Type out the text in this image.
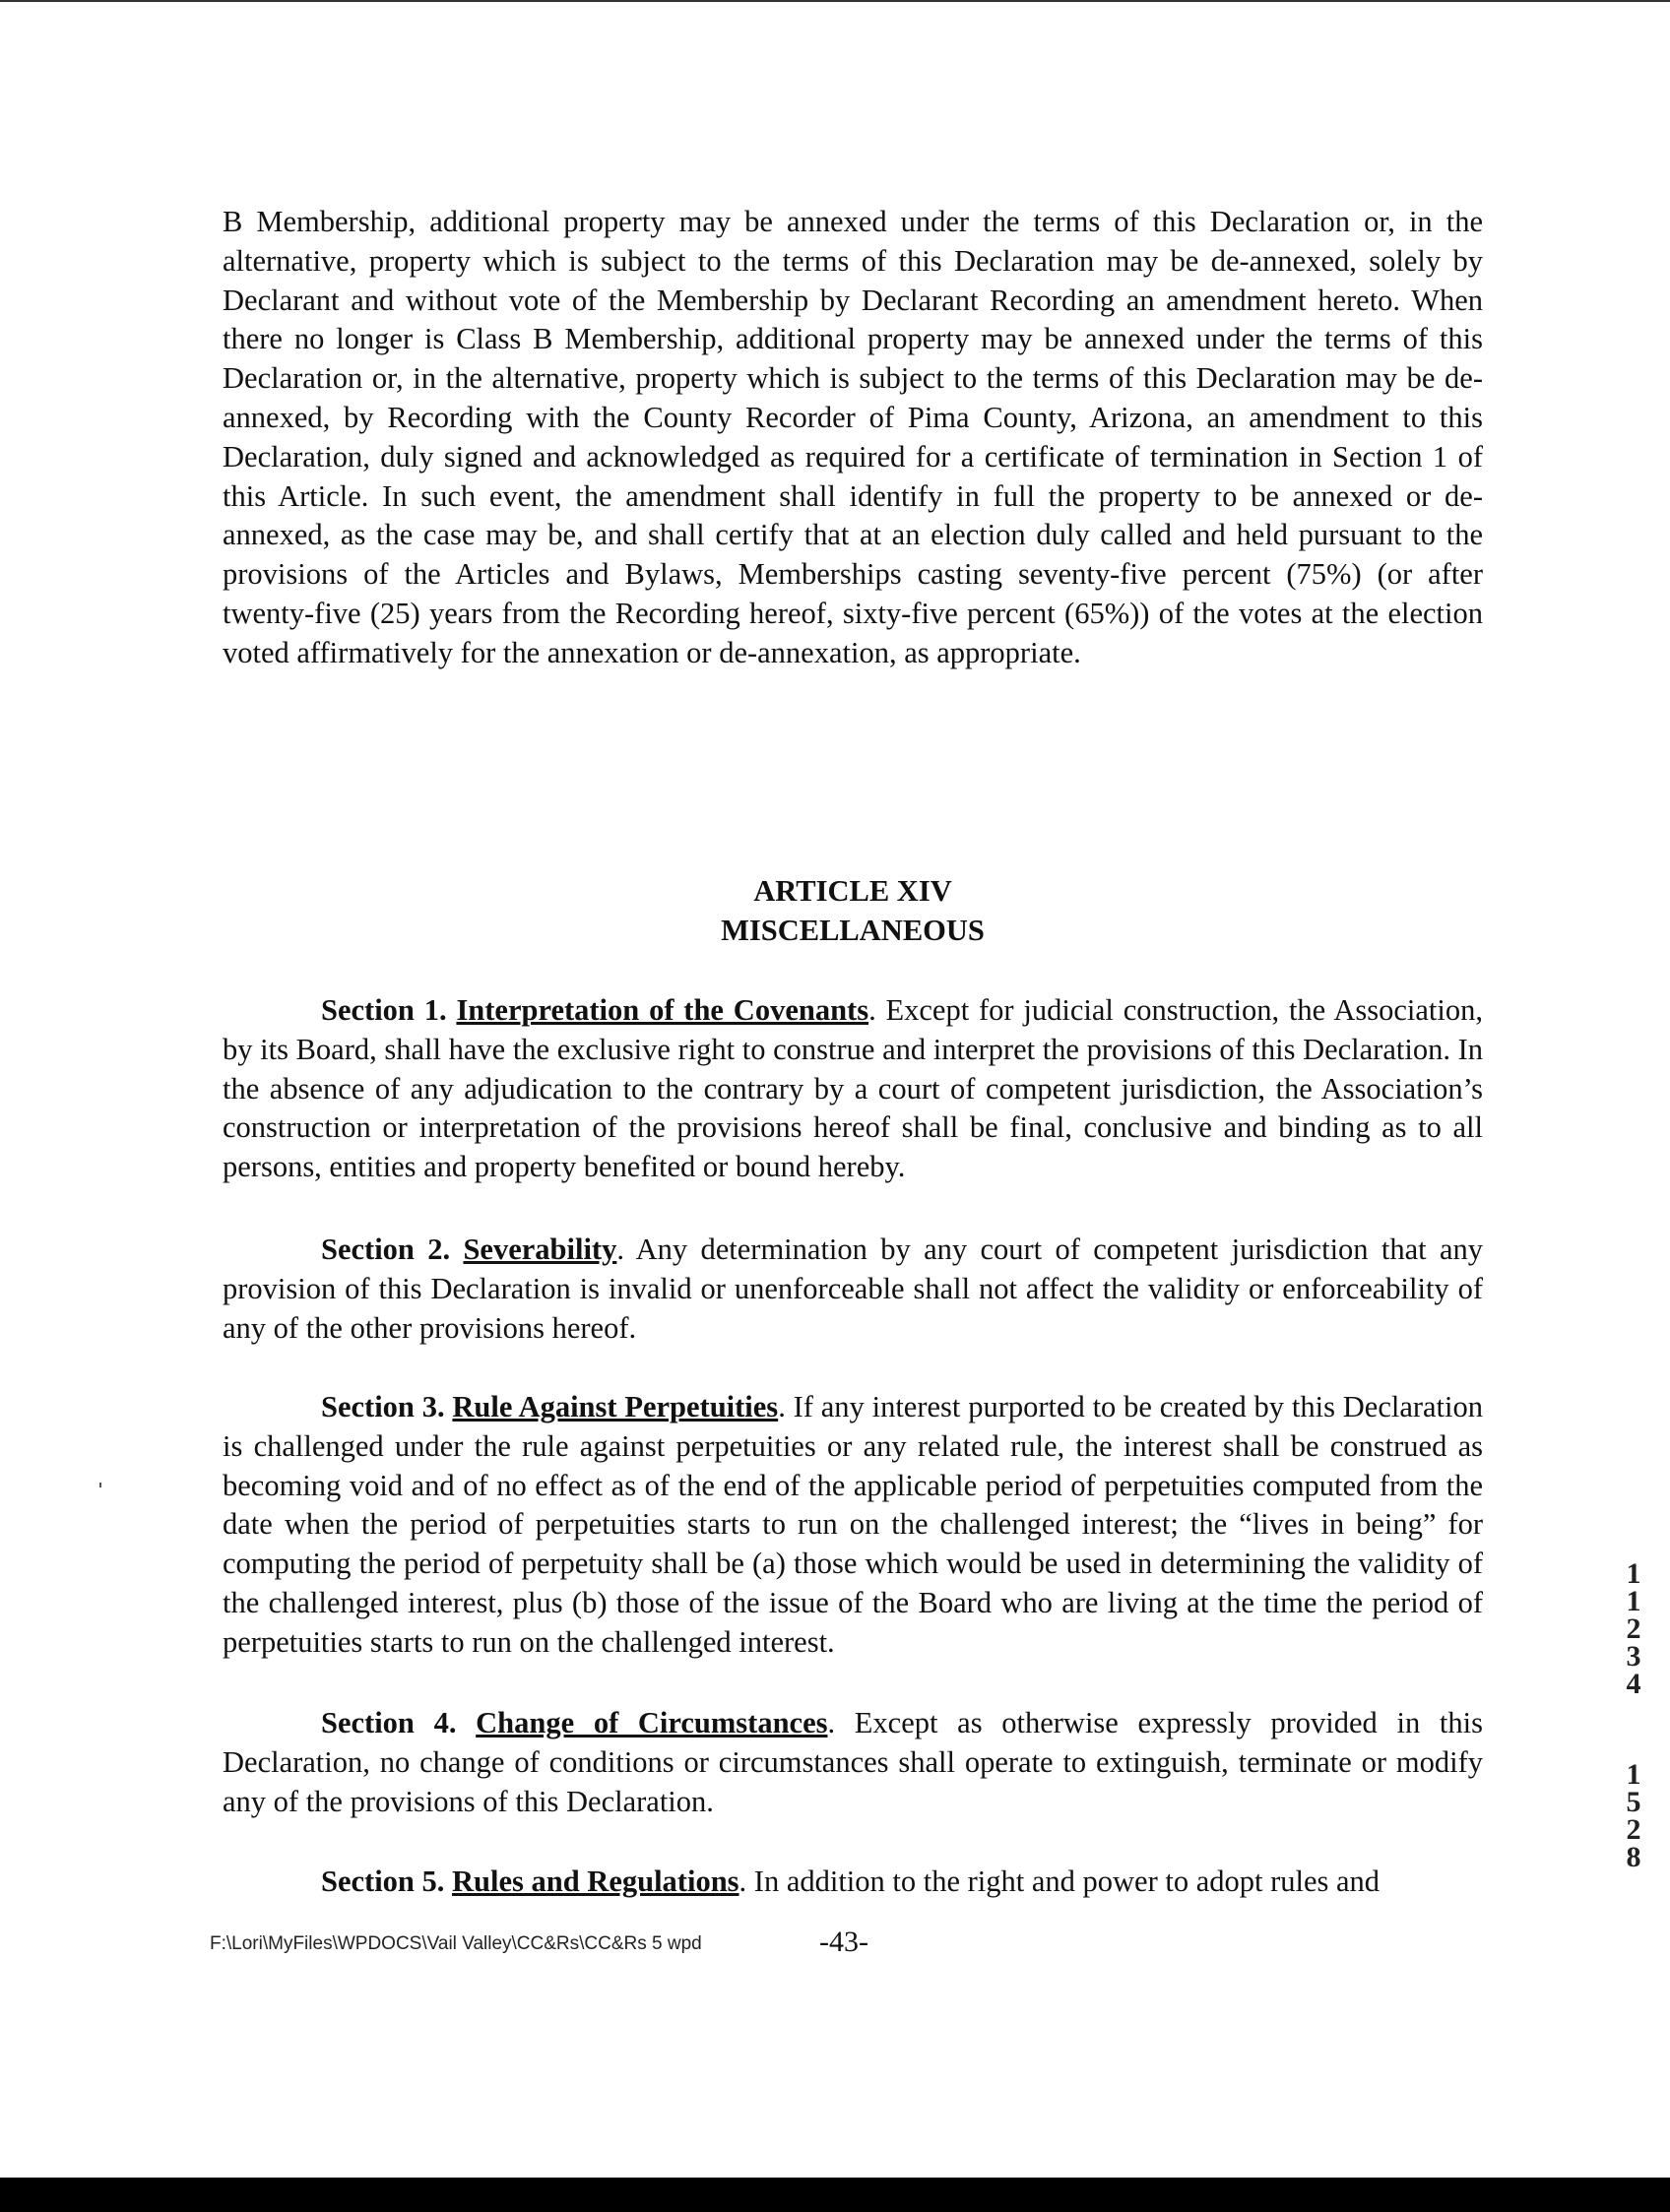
B Membership, additional property may be annexed under the terms of this Declaration or, in the alternative, property which is subject to the terms of this Declaration may be de-annexed, solely by Declarant and without vote of the Membership by Declarant Recording an amendment hereto. When there no longer is Class B Membership, additional property may be annexed under the terms of this Declaration or, in the alternative, property which is subject to the terms of this Declaration may be de-annexed, by Recording with the County Recorder of Pima County, Arizona, an amendment to this Declaration, duly signed and acknowledged as required for a certificate of termination in Section 1 of this Article. In such event, the amendment shall identify in full the property to be annexed or de-annexed, as the case may be, and shall certify that at an election duly called and held pursuant to the provisions of the Articles and Bylaws, Memberships casting seventy-five percent (75%) (or after twenty-five (25) years from the Recording hereof, sixty-five percent (65%)) of the votes at the election voted affirmatively for the annexation or de-annexation, as appropriate.

ARTICLE XIV
MISCELLANEOUS

Section 1. Interpretation of the Covenants. Except for judicial construction, the Association, by its Board, shall have the exclusive right to construe and interpret the provisions of this Declaration. In the absence of any adjudication to the contrary by a court of competent jurisdiction, the Association’s construction or interpretation of the provisions hereof shall be final, conclusive and binding as to all persons, entities and property benefited or bound hereby.

Section 2. Severability. Any determination by any court of competent jurisdiction that any provision of this Declaration is invalid or unenforceable shall not affect the validity or enforceability of any of the other provisions hereof.

Section 3. Rule Against Perpetuities. If any interest purported to be created by this Declaration is challenged under the rule against perpetuities or any related rule, the interest shall be construed as becoming void and of no effect as of the end of the applicable period of perpetuities computed from the date when the period of perpetuities starts to run on the challenged interest; the “lives in being” for computing the period of perpetuity shall be (a) those which would be used in determining the validity of the challenged interest, plus (b) those of the issue of the Board who are living at the time the period of perpetuities starts to run on the challenged interest.

Section 4. Change of Circumstances. Except as otherwise expressly provided in this Declaration, no change of conditions or circumstances shall operate to extinguish, terminate or modify any of the provisions of this Declaration.

Section 5. Rules and Regulations. In addition to the right and power to adopt rules and

F:\Lori\MyFiles\WPDOCS\Vail Valley\CC&Rs\CC&Rs 5 wpd	-43-
1
1
2
3
4
1
5
2
8
